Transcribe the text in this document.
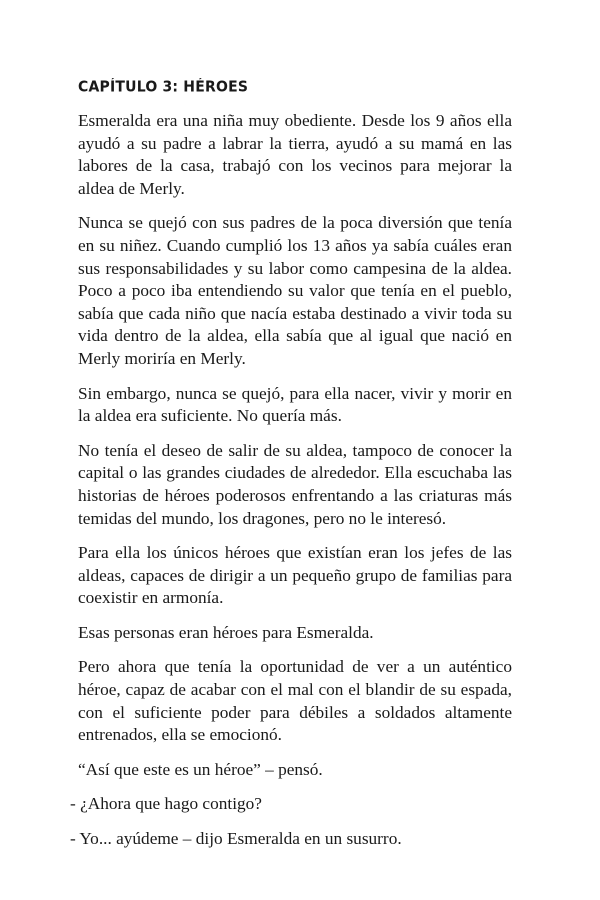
CAPÍTULO 3: HÉROES

Esmeralda era una niña muy obediente. Desde los 9 años ella ayudó a su padre a labrar la tierra, ayudó a su mamá en las labores de la casa, trabajó con los vecinos para mejorar la aldea de Merly.

Nunca se quejó con sus padres de la poca diversión que tenía en su niñez. Cuando cumplió los 13 años ya sabía cuáles eran sus responsabilidades y su labor como campesina de la aldea. Poco a poco iba entendiendo su valor que tenía en el pueblo, sabía que cada niño que nacía estaba destinado a vivir toda su vida dentro de la aldea, ella sabía que al igual que nació en Merly moriría en Merly.

Sin embargo, nunca se quejó, para ella nacer, vivir y morir en la aldea era suficiente. No quería más.

No tenía el deseo de salir de su aldea, tampoco de conocer la capital o las grandes ciudades de alrededor. Ella escuchaba las historias de héroes poderosos enfrentando a las criaturas más temidas del mundo, los dragones, pero no le interesó.

Para ella los únicos héroes que existían eran los jefes de las aldeas, capaces de dirigir a un pequeño grupo de familias para coexistir en armonía.

Esas personas eran héroes para Esmeralda.

Pero ahora que tenía la oportunidad de ver a un auténtico héroe, capaz de acabar con el mal con el blandir de su espada, con el suficiente poder para débiles a soldados altamente entrenados, ella se emocionó.

“Así que este es un héroe” – pensó.

- ¿Ahora que hago contigo?

- Yo... ayúdeme – dijo Esmeralda en un susurro.
